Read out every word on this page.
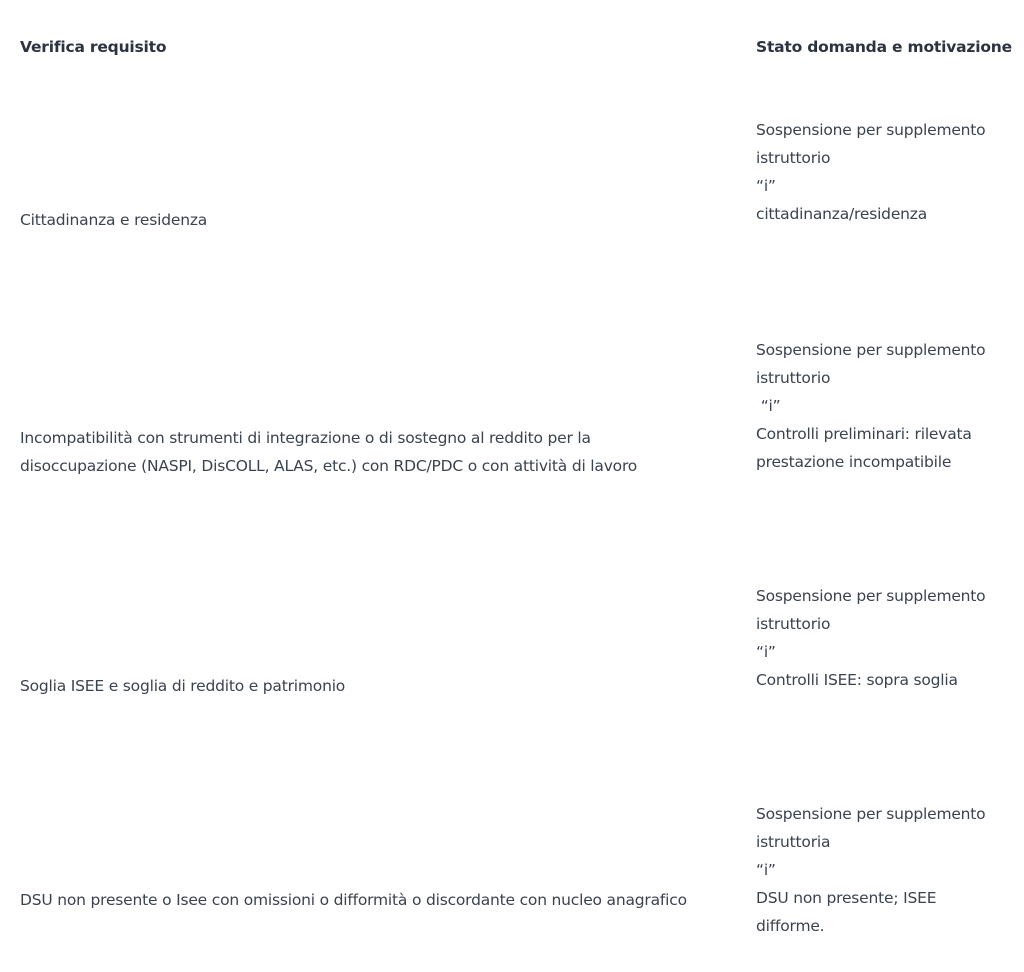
Verifica requisito	Stato domanda e motivazione
Cittadinanza e residenza
Sospensione per supplemento
istruttorio
“i”
cittadinanza/residenza
Incompatibilità con strumenti di integrazione o di sostegno al reddito per la
disoccupazione (NASPI, DisCOLL, ALAS, etc.) con RDC/PDC o con attività di lavoro
Sospensione per supplemento
istruttorio
“i”
Controlli preliminari: rilevata
prestazione incompatibile
Soglia ISEE e soglia di reddito e patrimonio
Sospensione per supplemento
istruttorio
“i”
Controlli ISEE: sopra soglia
DSU non presente o Isee con omissioni o difformità o discordante con nucleo anagrafico
Sospensione per supplemento
istruttoria
“i”
DSU non presente; ISEE
difforme.
